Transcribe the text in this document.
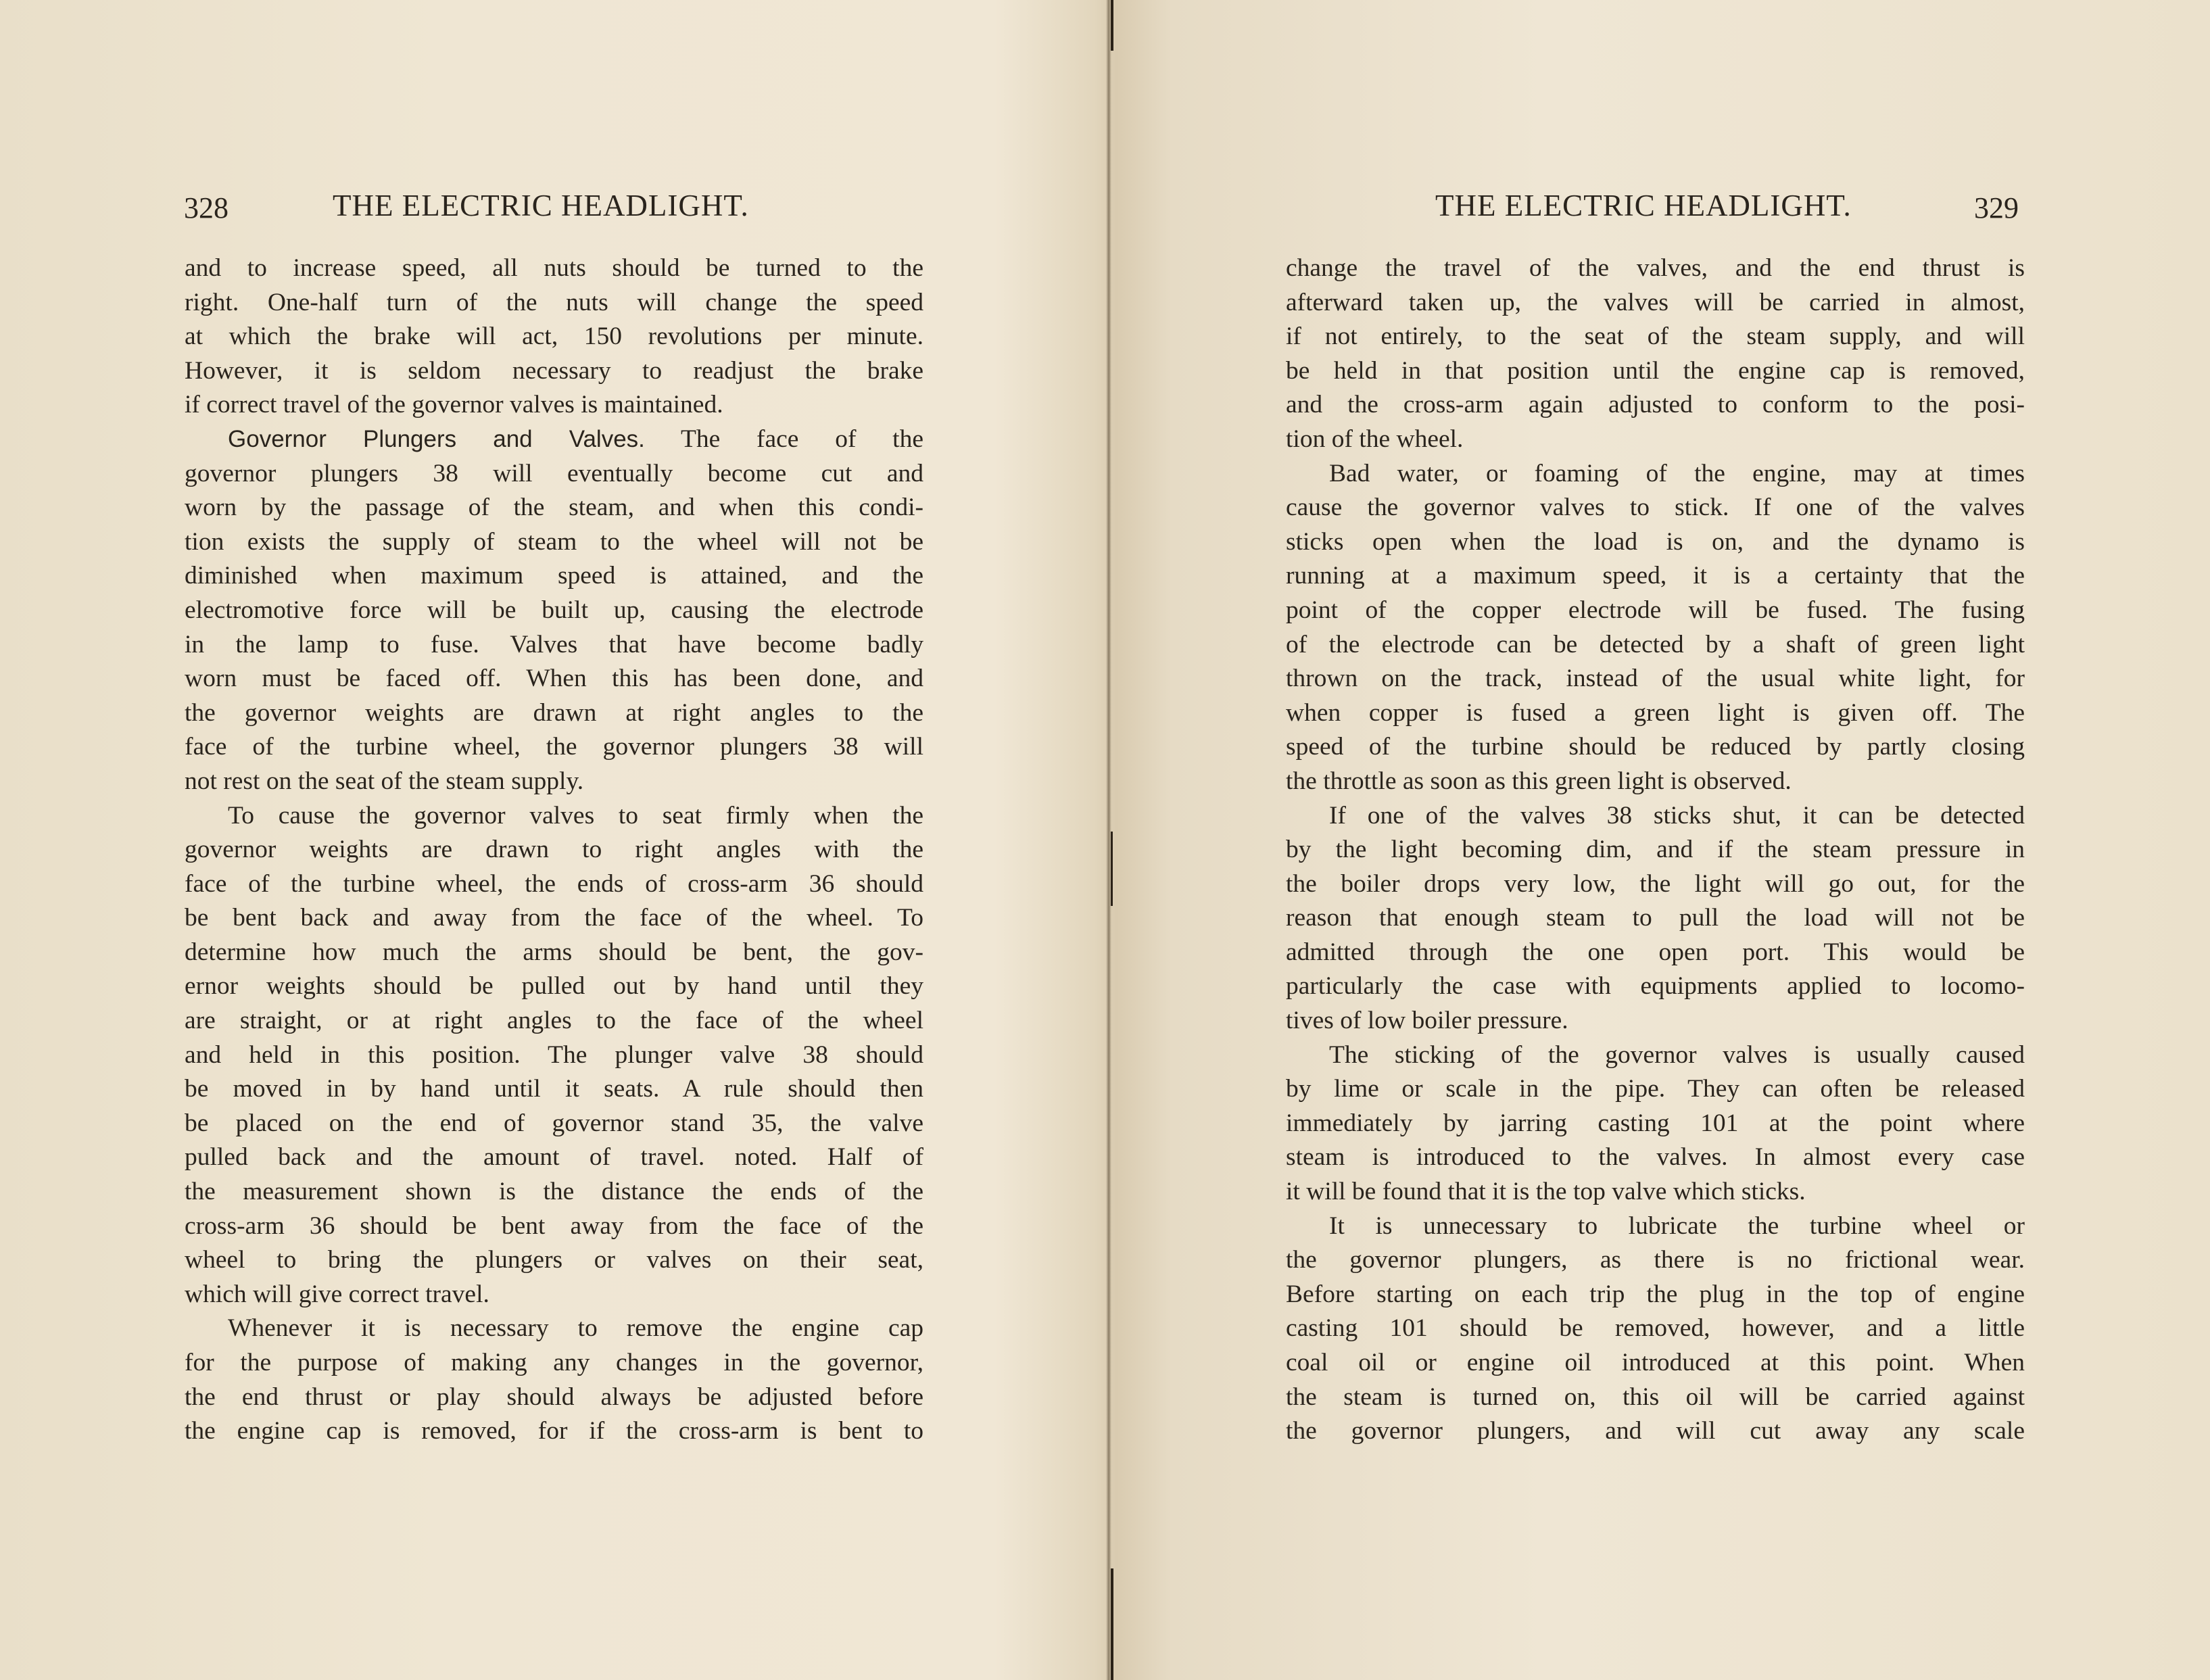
328	THE ELECTRIC HEADLIGHT.
and to increase speed, all nuts should be turned to the
right. One-half turn of the nuts will change the speed
at which the brake will act, 150 revolutions per minute.
However, it is seldom necessary to readjust the brake
if correct travel of the governor valves is maintained.
Governor Plungers and Valves. The face of the
governor plungers 38 will eventually become cut and
worn by the passage of the steam, and when this condi-
tion exists the supply of steam to the wheel will not be
diminished when maximum speed is attained, and the
electromotive force will be built up, causing the electrode
in the lamp to fuse. Valves that have become badly
worn must be faced off. When this has been done, and
the governor weights are drawn at right angles to the
face of the turbine wheel, the governor plungers 38 will
not rest on the seat of the steam supply.
To cause the governor valves to seat firmly when the
governor weights are drawn to right angles with the
face of the turbine wheel, the ends of cross-arm 36 should
be bent back and away from the face of the wheel. To
determine how much the arms should be bent, the gov-
ernor weights should be pulled out by hand until they
are straight, or at right angles to the face of the wheel
and held in this position. The plunger valve 38 should
be moved in by hand until it seats. A rule should then
be placed on the end of governor stand 35, the valve
pulled back and the amount of travel. noted. Half of
the measurement shown is the distance the ends of the
cross-arm 36 should be bent away from the face of the
wheel to bring the plungers or valves on their seat,
which will give correct travel.
Whenever it is necessary to remove the engine cap
for the purpose of making any changes in the governor,
the end thrust or play should always be adjusted before
the engine cap is removed, for if the cross-arm is bent to
THE ELECTRIC HEADLIGHT.	329
change the travel of the valves, and the end thrust is
afterward taken up, the valves will be carried in almost,
if not entirely, to the seat of the steam supply, and will
be held in that position until the engine cap is removed,
and the cross-arm again adjusted to conform to the posi-
tion of the wheel.
Bad water, or foaming of the engine, may at times
cause the governor valves to stick. If one of the valves
sticks open when the load is on, and the dynamo is
running at a maximum speed, it is a certainty that the
point of the copper electrode will be fused. The fusing
of the electrode can be detected by a shaft of green light
thrown on the track, instead of the usual white light, for
when copper is fused a green light is given off. The
speed of the turbine should be reduced by partly closing
the throttle as soon as this green light is observed.
If one of the valves 38 sticks shut, it can be detected
by the light becoming dim, and if the steam pressure in
the boiler drops very low, the light will go out, for the
reason that enough steam to pull the load will not be
admitted through the one open port. This would be
particularly the case with equipments applied to locomo-
tives of low boiler pressure.
The sticking of the governor valves is usually caused
by lime or scale in the pipe. They can often be released
immediately by jarring casting 101 at the point where
steam is introduced to the valves. In almost every case
it will be found that it is the top valve which sticks.
It is unnecessary to lubricate the turbine wheel or
the governor plungers, as there is no frictional wear.
Before starting on each trip the plug in the top of engine
casting 101 should be removed, however, and a little
coal oil or engine oil introduced at this point. When
the steam is turned on, this oil will be carried against
the governor plungers, and will cut away any scale
